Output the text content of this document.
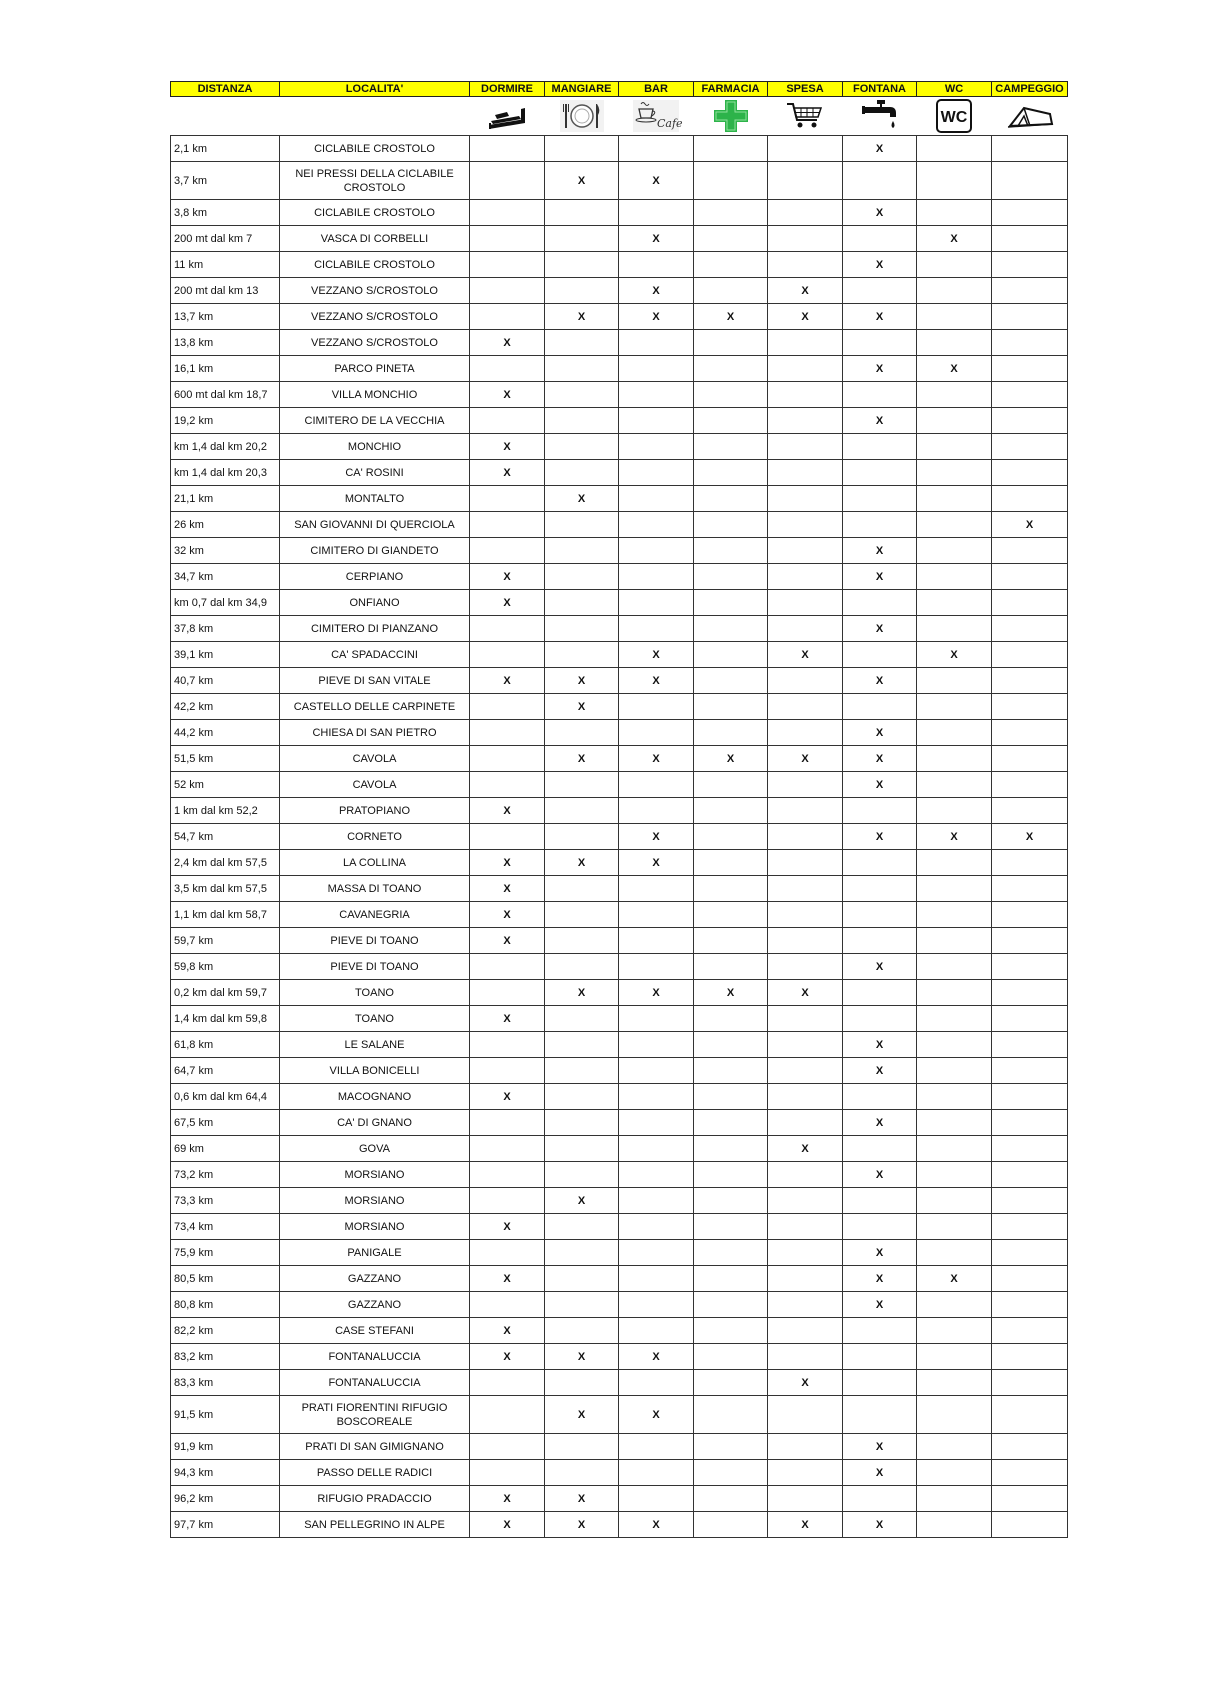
DISTANZA	LOCALITA'	DORMIRE	MANGIARE	BAR	FARMACIA	SPESA	FONTANA	WC	CAMPEGGIO

Cafe				WC

2,1 km	CICLABILE CROSTOLO						X		
3,7 km	NEI PRESSI DELLA CICLABILE CROSTOLO		X	X					
3,8 km	CICLABILE CROSTOLO						X		
200 mt dal km 7	VASCA DI CORBELLI			X				X	
11 km	CICLABILE CROSTOLO						X		
200 mt dal km 13	VEZZANO S/CROSTOLO			X		X			
13,7 km	VEZZANO S/CROSTOLO		X	X	X	X	X		
13,8 km	VEZZANO S/CROSTOLO	X							
16,1 km	PARCO PINETA						X	X	
600 mt dal km 18,7	VILLA MONCHIO	X							
19,2 km	CIMITERO DE LA VECCHIA						X		
km 1,4 dal km 20,2	MONCHIO	X							
km 1,4 dal km 20,3	CA' ROSINI	X							
21,1 km	MONTALTO		X						
26 km	SAN GIOVANNI DI QUERCIOLA								X
32 km	CIMITERO DI GIANDETO						X		
34,7 km	CERPIANO	X					X		
km 0,7 dal km 34,9	ONFIANO	X							
37,8 km	CIMITERO DI PIANZANO						X		
39,1 km	CA' SPADACCINI			X		X		X	
40,7 km	PIEVE DI SAN VITALE	X	X	X			X		
42,2 km	CASTELLO DELLE CARPINETE		X						
44,2 km	CHIESA DI SAN PIETRO						X		
51,5 km	CAVOLA		X	X	X	X	X		
52 km	CAVOLA						X		
1 km dal km 52,2	PRATOPIANO	X							
54,7 km	CORNETO			X			X	X	X
2,4 km dal km 57,5	LA COLLINA	X	X	X					
3,5 km dal km 57,5	MASSA DI TOANO	X							
1,1 km dal km 58,7	CAVANEGRIA	X							
59,7 km	PIEVE DI TOANO	X							
59,8 km	PIEVE DI TOANO						X		
0,2 km dal km 59,7	TOANO		X	X	X	X			
1,4 km dal km 59,8	TOANO	X							
61,8 km	LE SALANE						X		
64,7 km	VILLA BONICELLI						X		
0,6 km dal km 64,4	MACOGNANO	X							
67,5 km	CA' DI GNANO						X		
69 km	GOVA					X			
73,2 km	MORSIANO						X		
73,3 km	MORSIANO		X						
73,4 km	MORSIANO	X							
75,9 km	PANIGALE						X		
80,5 km	GAZZANO	X					X	X	
80,8 km	GAZZANO						X		
82,2 km	CASE STEFANI	X							
83,2 km	FONTANALUCCIA	X	X	X					
83,3 km	FONTANALUCCIA					X			
91,5 km	PRATI FIORENTINI RIFUGIO BOSCOREALE		X	X					
91,9 km	PRATI DI SAN GIMIGNANO						X		
94,3 km	PASSO DELLE RADICI						X		
96,2 km	RIFUGIO PRADACCIO	X	X						
97,7 km	SAN PELLEGRINO IN ALPE	X	X	X		X	X		
